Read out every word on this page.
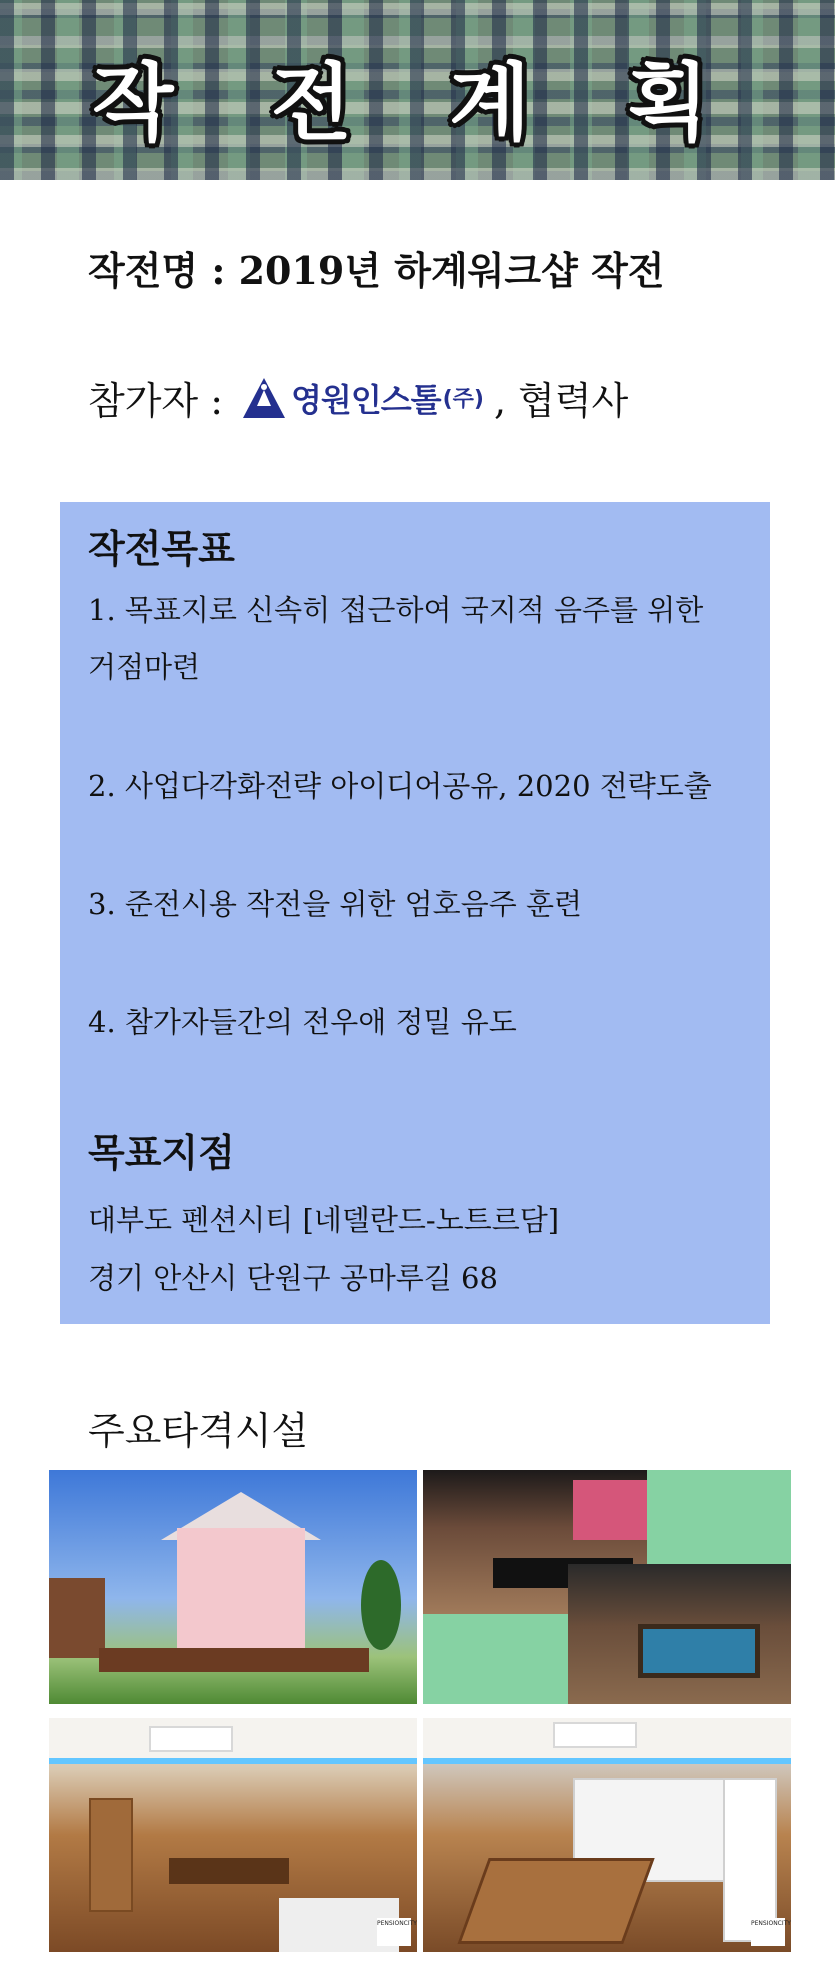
작 전 계 획
작전명 : 2019년 하계워크샵 작전
참가자 : 영원인스톨 (주) , 협력사
작전목표
1. 목표지로 신속히 접근하여 국지적 음주를 위한 거점마련
2. 사업다각화전략 아이디어공유, 2020 전략도출
3. 준전시용 작전을 위한 엄호음주 훈련
4. 참가자들간의 전우애 정밀 유도
목표지점
대부도 펜션시티 [네델란드-노트르담]
경기 안산시 단원구 공마루길 68
주요타격시설
PENSIONCITY	PENSIONCITY
